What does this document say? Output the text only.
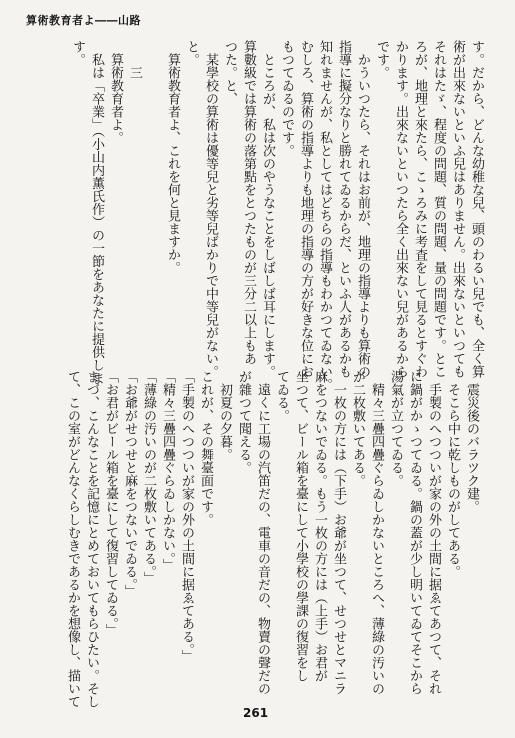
算術教育者よ――山路
す。だから、どんな幼稚な兒、頭のわるい兒でも、全く算
術が出來ないといふ兒はありません。出來ないといつても
それはたゞ、程度の問題、質の問題、量の問題です。とこ
ろが、地理と來たら、こゝろみに考査をして見るとすぐわ
かります。出來ないといつたら全く出來ない兒があるから
です。
　かういつたら、それはお前が、地理の指導よりも算術の
指導に擬分なりと勝れてゐるからだ、といふ人があるかも
知れませんが、私としてはどちらの指導もわかつてゐない。
むしろ、算術の指導よりも地理の指導の方が好きな位にお
もつてゐるのです。
　ところが、私は次のやうなことをしばしば耳にします。
算數級では算術の落第點をとつたものが三分二以上もあ
つた。と、
　某學校の算術は優等兒と劣等兒ばかりで中等兒がない。
と。
　算術教育者よ、これを何と見ますか。
　　三
　算術教育者よ。
　私は「卒業」（小山内薫氏作）の一節をあなたに提供しま
す。
　震災後のバラツク建。
　そこら中に乾しものがしてある。
　手製のへつついが家の外の土間に据ゑてあつて、それ
に鍋がかゝつてゐる。鍋の蓋が少し明いてゐてそこから
湯氣が立つてゐる。
　精々三疊四疊ぐらゐしかないところへ、薄綠の汚いの
が二枚敷いてある。
　一枚の方には（下手）お爺が坐つて、せつせとマニラ
麻をつないでゐる。もう一枚の方には（上手）お君が
坐つて、ビール箱を臺にして小學校の學課の復習をし
てゐる。
　遠くに工場の汽笛だの、電車の音だの、物賣の聲だの
が雜つて聞える。
　初夏の夕暮。
これが、その舞臺面です。
「手製のへつついが家の外の土間に据ゑてある。」
「精々三疊四疊ぐらゐしかない。」
「薄綠の汚いのが二枚敷いてある。」
「お爺がせつせと麻をつないでゐる。」
「お君がビール箱を臺にして復習してゐる。」
まづ、こんなことを記憶にとめておいてもらひたい。そし
て、この室がどんなくらしむきであるかを想像し、描いて
261
